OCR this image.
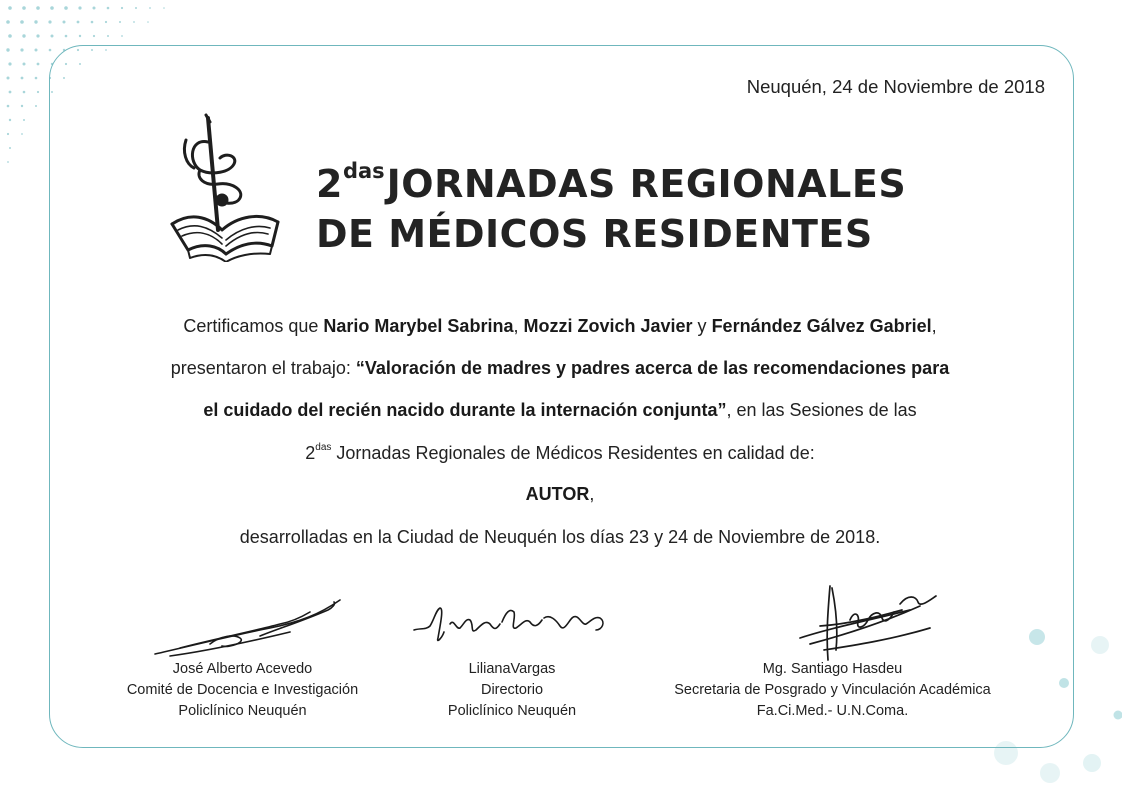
Neuquén, 24 de Noviembre de 2018
$2^{das}JORNADAS$ REGIONALES
DE MÉDICOS RESIDENTES
Certificamos que Nario Marybel Sabrina, Mozzi Zovich Javier y Fernández Gálvez Gabriel,
presentaron el trabajo: “Valoración de madres y padres acerca de las recomendaciones para
el cuidado del recién nacido durante la internación conjunta”, en las Sesiones de las
$2^{das}$ Jornadas Regionales de Médicos Residentes en calidad de:
AUTOR,
desarrolladas en la Ciudad de Neuquén los días 23 y 24 de Noviembre de 2018.
José Alberto Acevedo
Comité de Docencia e Investigación
Policlínico Neuquén
LilianaVargas
Directorio
Policlínico Neuquén
Mg. Santiago Hasdeu
Secretaria de Posgrado y Vinculación Académica
Fa.Ci.Med.- U.N.Coma.
